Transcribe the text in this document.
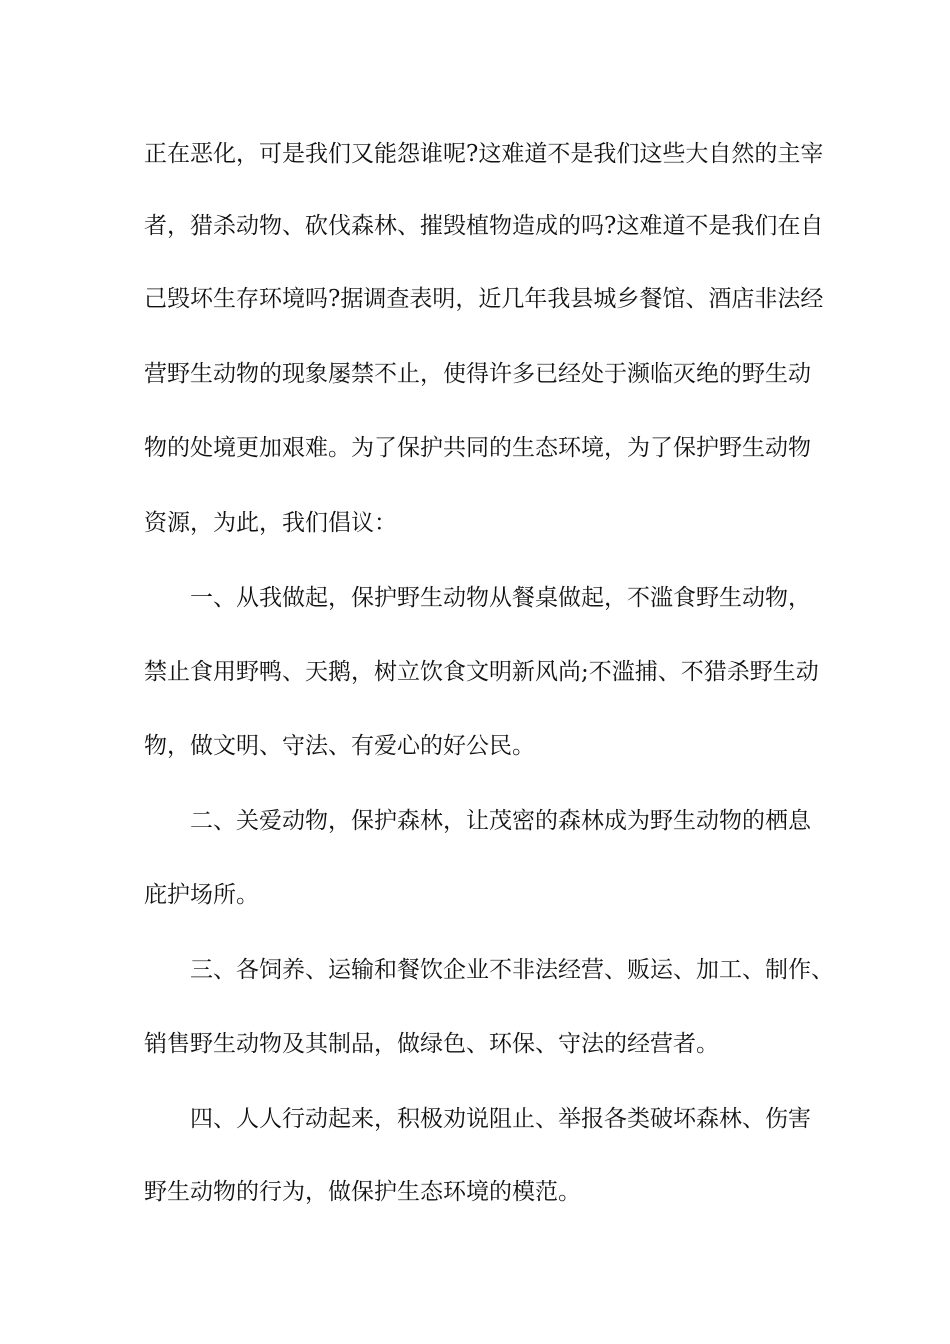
正在恶化，可是我们又能怨谁呢?这难道不是我们这些大自然的主宰
者，猎杀动物、砍伐森林、摧毁植物造成的吗?这难道不是我们在自
己毁坏生存环境吗?据调查表明，近几年我县城乡餐馆、酒店非法经
营野生动物的现象屡禁不止，使得许多已经处于濒临灭绝的野生动
物的处境更加艰难。为了保护共同的生态环境，为了保护野生动物
资源，为此，我们倡议：
一、从我做起，保护野生动物从餐桌做起，不滥食野生动物，
禁止食用野鸭、天鹅，树立饮食文明新风尚;不滥捕、不猎杀野生动
物，做文明、守法、有爱心的好公民。
二、关爱动物，保护森林，让茂密的森林成为野生动物的栖息
庇护场所。
三、各饲养、运输和餐饮企业不非法经营、贩运、加工、制作、
销售野生动物及其制品，做绿色、环保、守法的经营者。
四、人人行动起来，积极劝说阻止、举报各类破坏森林、伤害
野生动物的行为，做保护生态环境的模范。
